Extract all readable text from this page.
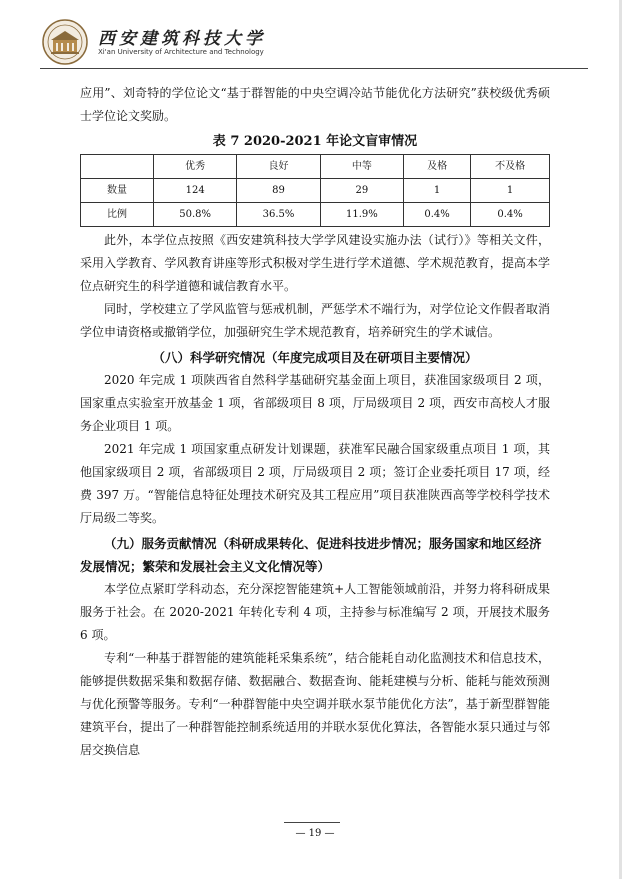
西安建筑科技大学
Xi'an University of Architecture and Technology

应用”、刘奇特的学位论文“基于群智能的中央空调冷站节能优化方法研究”获校级优秀硕士学位论文奖励。

表 7 2020-2021 年论文盲审情况
	优秀	良好	中等	及格	不及格
数量	124	89	29	1	1
比例	50.8%	36.5%	11.9%	0.4%	0.4%

此外，本学位点按照《西安建筑科技大学学风建设实施办法（试行）》等相关文件，采用入学教育、学风教育讲座等形式积极对学生进行学术道德、学术规范教育，提高本学位点研究生的科学道德和诚信教育水平。

同时，学校建立了学风监管与惩戒机制，严惩学术不端行为，对学位论文作假者取消学位申请资格或撤销学位，加强研究生学术规范教育，培养研究生的学术诚信。

（八）科学研究情况（年度完成项目及在研项目主要情况）

2020 年完成 1 项陕西省自然科学基础研究基金面上项目，获准国家级项目 2 项，国家重点实验室开放基金 1 项，省部级项目 8 项，厅局级项目 2 项，西安市高校人才服务企业项目 1 项。

2021 年完成 1 项国家重点研发计划课题，获准军民融合国家级重点项目 1 项，其他国家级项目 2 项，省部级项目 2 项，厅局级项目 2 项；签订企业委托项目 17 项，经费 397 万。“智能信息特征处理技术研究及其工程应用”项目获准陕西高等学校科学技术厅局级二等奖。

（九）服务贡献情况（科研成果转化、促进科技进步情况；服务国家和地区经济发展情况；繁荣和发展社会主义文化情况等）

本学位点紧盯学科动态，充分深挖智能建筑+人工智能领域前沿，并努力将科研成果服务于社会。在 2020-2021 年转化专利 4 项，主持参与标准编写 2 项，开展技术服务 6 项。

专利“一种基于群智能的建筑能耗采集系统”，结合能耗自动化监测技术和信息技术，能够提供数据采集和数据存储、数据融合、数据查询、能耗建模与分析、能耗与能效预测与优化预警等服务。专利“一种群智能中央空调并联水泵节能优化方法”，基于新型群智能建筑平台，提出了一种群智能控制系统适用的并联水泵优化算法，各智能水泵只通过与邻居交换信息

— 19 —
